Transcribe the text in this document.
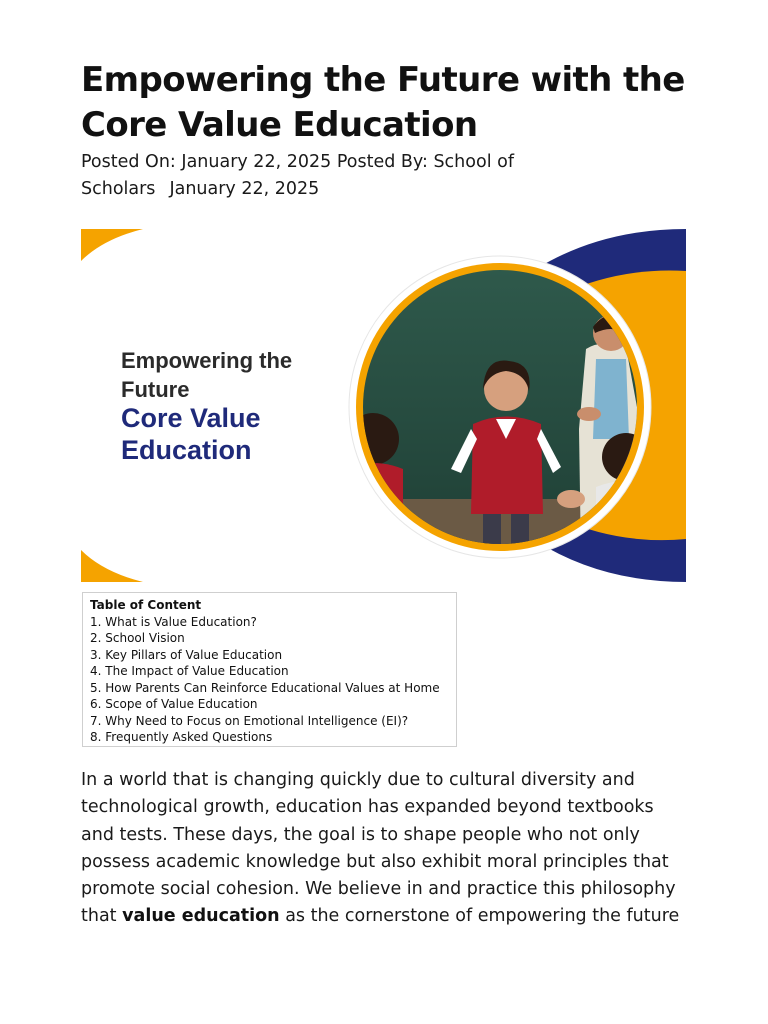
Empowering the Future with the Core Value Education
Posted On: January 22, 2025 Posted By: School of Scholars January 22, 2025
Empowering the
Future
Core Value
Education
Table of Content
1. What is Value Education?
2. School Vision
3. Key Pillars of Value Education
4. The Impact of Value Education
5. How Parents Can Reinforce Educational Values at Home
6. Scope of Value Education
7. Why Need to Focus on Emotional Intelligence (EI)?
8. Frequently Asked Questions

In a world that is changing quickly due to cultural diversity and technological growth, education has expanded beyond textbooks and tests. These days, the goal is to shape people who not only possess academic knowledge but also exhibit moral principles that promote social cohesion. We believe in and practice this philosophy that value education as the cornerstone of empowering the future
